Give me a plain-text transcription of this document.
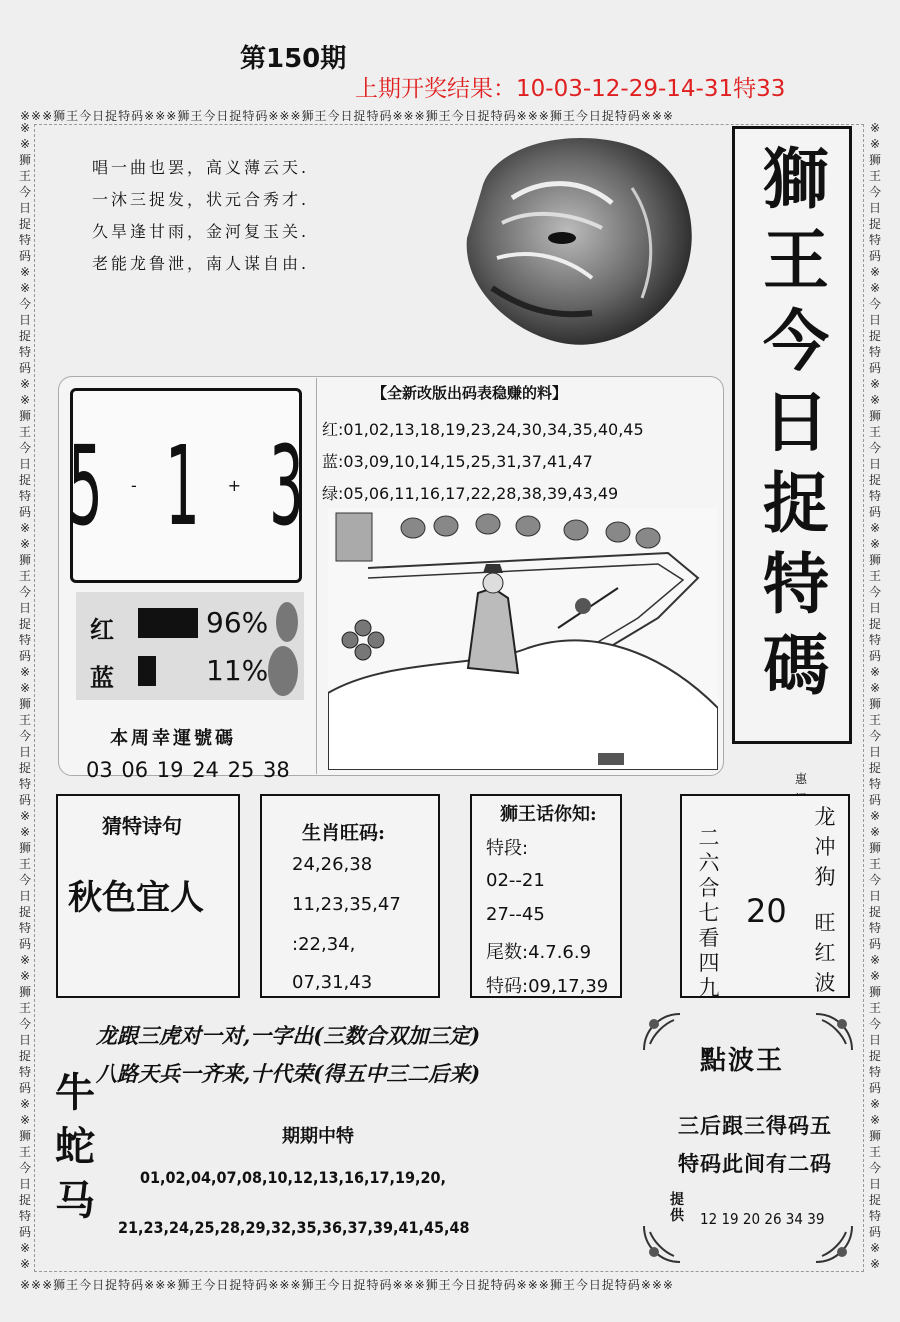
第150期
上期开奖结果：10-03-12-29-14-31特33
※※※狮王今日捉特码※※※狮王今日捉特码※※※狮王今日捉特码※※※狮王今日捉特码※※※狮王今日捉特码※※※
※※※狮王今日捉特码※※※狮王今日捉特码※※※狮王今日捉特码※※※狮王今日捉特码※※※狮王今日捉特码※※※
※※狮王今日捉特码※※今日捉特码※※狮王今日捉特码※※狮王今日捉特码※※狮王今日捉特码※※狮王今日捉特码※※狮王今日捉特码※※狮王今日捉特码※※
※※狮王今日捉特码※※今日捉特码※※狮王今日捉特码※※狮王今日捉特码※※狮王今日捉特码※※狮王今日捉特码※※狮王今日捉特码※※狮王今日捉特码※※
唱一曲也罢，高义薄云天.
一沐三捉发，状元合秀才.
久旱逢甘雨，金河复玉关.
老能龙鲁泄，南人谋自由.
獅王今日捉特碼
惠
5 - 1 + 3
红	96%
蓝	11%
本周幸運號碼
03 06 19 24 25 38
【全新改版出码表稳赚的料】
红:01,02,13,18,19,23,24,30,34,35,40,45
蓝:03,09,10,14,15,25,31,37,41,47
绿:05,06,11,16,17,22,28,38,39,43,49
猜特诗句
秋色宜人
生肖旺码:
24,26,38
11,23,35,47
:22,34,
07,31,43
狮王话你知:
特段:
02--21
27--45
尾数:4.7.6.9
特码:09,17,39
二六合七看四九
20
龙冲狗
旺红波
龙跟三虎对一对,一字出(三数合双加三定)
八路天兵一齐来,十代荣(得五中三二后来)
牛
蛇
马
期期中特
01,02,04,07,08,10,12,13,16,17,19,20,
21,23,24,25,28,29,32,35,36,37,39,41,45,48
點波王
三后跟三得码五
特码此间有二码
提供 12 19 20 26 34 39
